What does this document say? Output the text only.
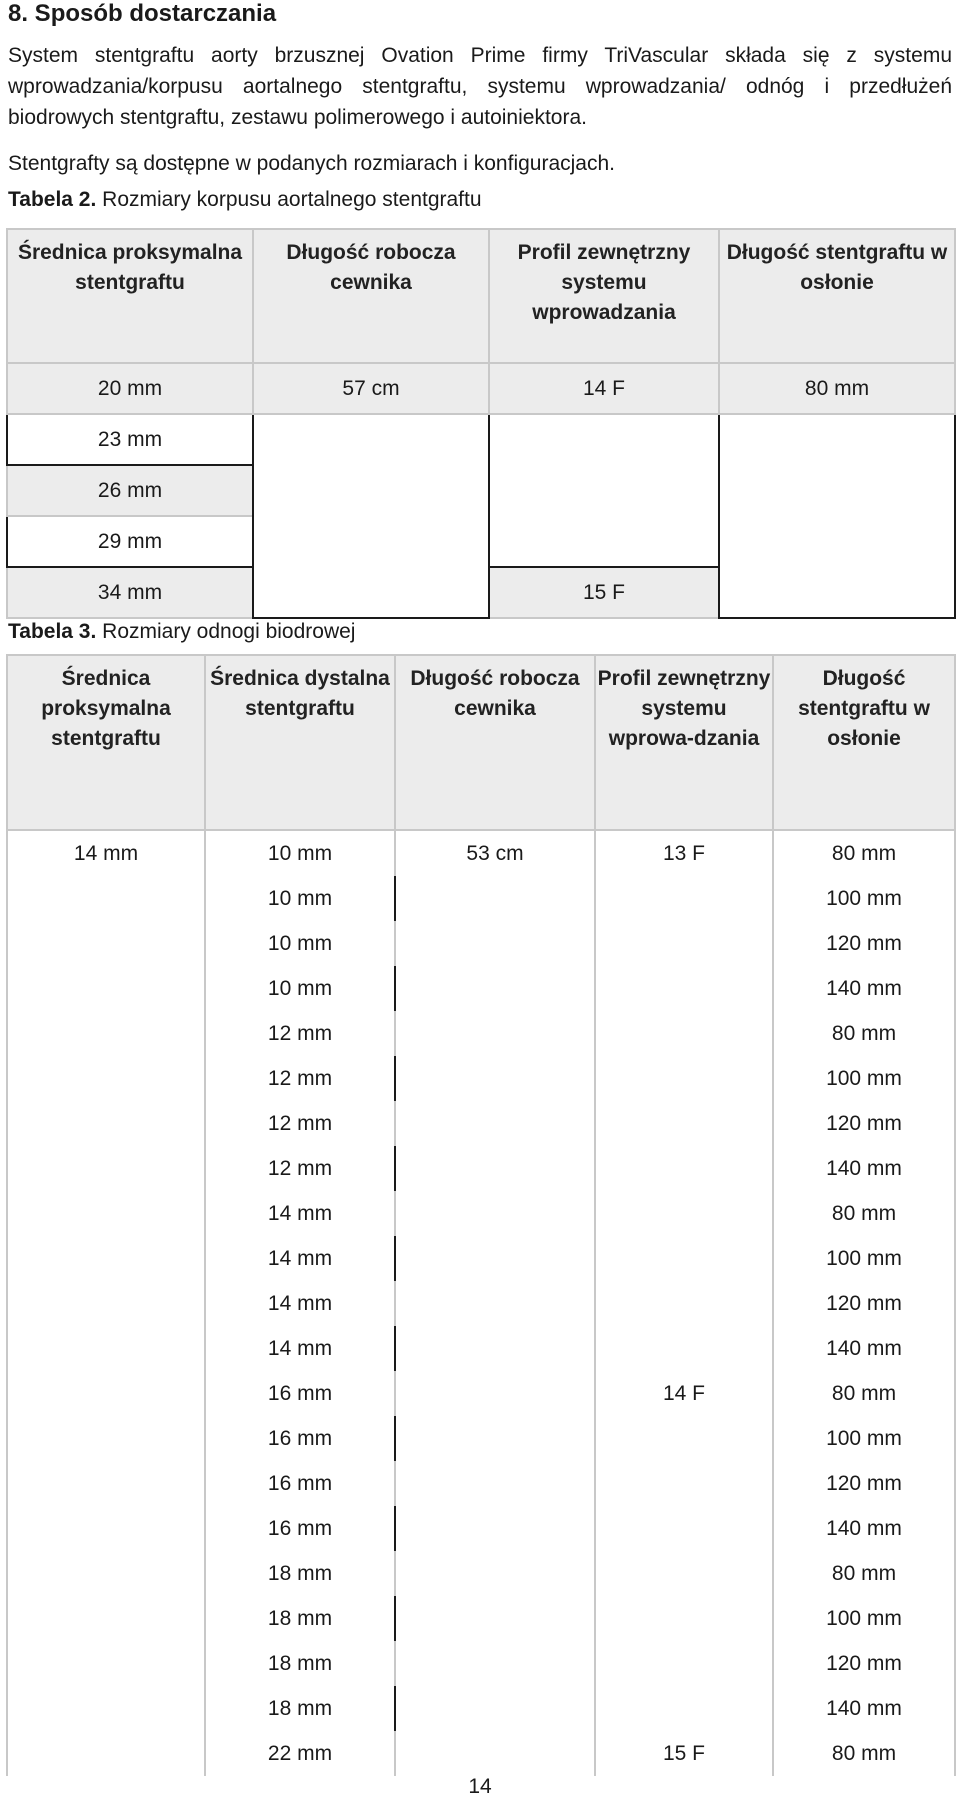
8. Sposób dostarczania
System stentgraftu aorty brzusznej Ovation Prime firmy TriVascular składa się z systemu wprowadzania/korpusu aortalnego stentgraftu, systemu wprowadzania/ odnóg i przedłużeń biodrowych stentgraftu, zestawu polimerowego i autoiniektora.
Stentgrafty są dostępne w podanych rozmiarach i konfiguracjach.
Tabela 2. Rozmiary korpusu aortalnego stentgraftu
Średnica proksymalna stentgraftu	Długość robocza cewnika	Profil zewnętrzny systemu wprowadzania	Długość stentgraftu w osłonie
20 mm	57 cm	14 F	80 mm
23 mm			
26 mm			
29 mm			
34 mm		15 F	
Tabela 3. Rozmiary odnogi biodrowej
Średnica proksymalna stentgraftu	Średnica dystalna stentgraftu	Długość robocza cewnika	Profil zewnętrzny systemu wprowa-dzania	Długość stentgraftu w osłonie
14 mm	10 mm	53 cm	13 F	80 mm
	10 mm			100 mm
	10 mm			120 mm
	10 mm			140 mm
	12 mm			80 mm
	12 mm			100 mm
	12 mm			120 mm
	12 mm			140 mm
	14 mm			80 mm
	14 mm			100 mm
	14 mm			120 mm
	14 mm			140 mm
	16 mm		14 F	80 mm
	16 mm			100 mm
	16 mm			120 mm
	16 mm			140 mm
	18 mm			80 mm
	18 mm			100 mm
	18 mm			120 mm
	18 mm			140 mm
	22 mm		15 F	80 mm
14
